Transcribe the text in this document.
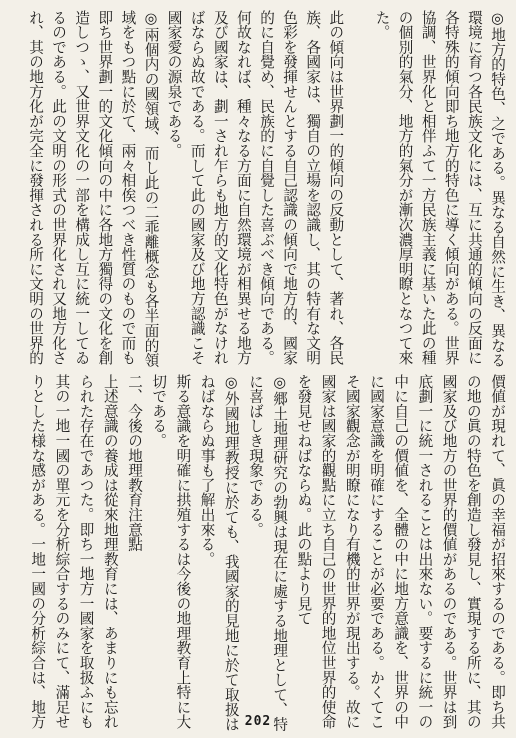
◎地方的特色、之である。異なる自然に生き、異なる
環境に育つ各民族文化には、互に共通的傾向の反面に
各特殊的傾向即ち地方的特色に導く傾向がある。世界
協調、世界化と相伴ふて一方民族主義に基いた此の種
の個別的氣分、地方的氣分が漸次濃厚明瞭となつて來
た。
此の傾向は世界劃一的傾向の反動として、著れ、各民
族、各國家は、獨自の立場を認識し、其の特有な文明
色彩を發揮せんとする自己認識の傾向で地方的、國家
的に自覺め、民族的に自覺した喜ぶべき傾向である。
何故なれば、種々なる方面に自然環境が相異せる地方
及び國家は、劃一され乍らも地方的文化特色がなけれ
ばならぬ故である。而して此の國家及び地方認識こそ
國家愛の源泉である。
◎兩個内の國領域、而し此の二乖離概念も各半面的領
域をもつ點に於て、兩々相俟つべき性質のもので而も
即ち世界劃一的文化傾向の中に各地方獨得の文化を創
造しつゝ、又世界文化の一部を構成し互に統一してゐ
るのである。此の文明の形式の世界化され又地方化さ
れ、其の地方化が完全に發揮される所に文明の世界的
價値が現れて、眞の幸福が招來するのである。即ち共
の地の眞の特色を創造し發見し、實現する所に、其の
國家及び地方の世界的價値があるのである。世界は到
底劃一に統一されることは出來ない。要するに統一の
中に自己の價値を、全體の中に地方意識を、世界の中
に國家意識を明確にすることが必要である。かくてこ
そ國家觀念が明瞭になり有機的世界が現出する。故に
國家は國家的觀點に立ち自己の世界的地位世界的使命
を發見せねばならぬ。此の點より見て
◎郷土地理研究の勃興は現在に處する地理として、特
に喜ばしき現象である。
◎外國地理教授に於ても、我國家的見地に於て取扱は
ねばならぬ事も了解出來る。
斯る意識を明確に拱殖するは今後の地理教育上特に大
切である。
二、今後の地理教育注意點
上述意識の養成は從來地理教育には、あまりにも忘れ
られた存在であつた。即ち一地方一國家を取扱ふにも
其の一地一國の單元を分析綜合するのみにて、滿足せ
りとした様な感がある。一地一國の分析綜合は、地方	202
